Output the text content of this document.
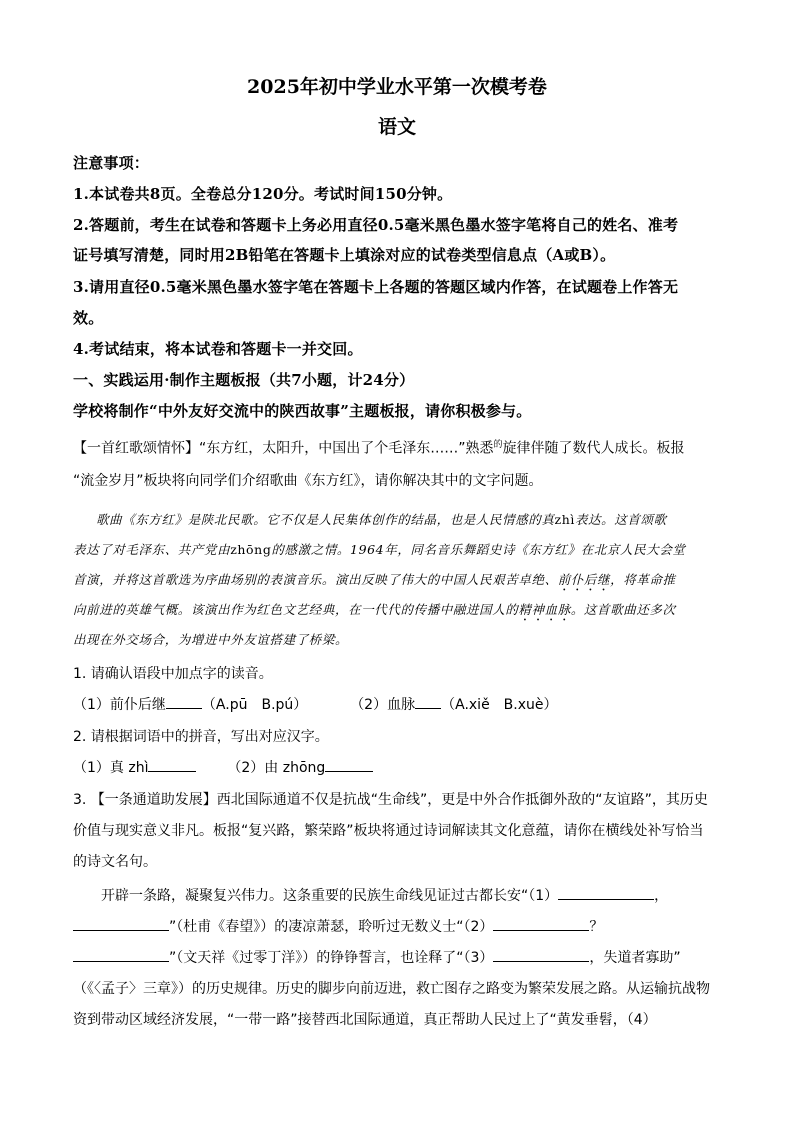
2025年初中学业水平第一次模考卷
语文
注意事项：
1.本试卷共8页。全卷总分120分。考试时间150分钟。
2.答题前，考生在试卷和答题卡上务必用直径0.5毫米黑色墨水签字笔将自己的姓名、准考
证号填写清楚，同时用2B铅笔在答题卡上填涂对应的试卷类型信息点（A或B）。
3.请用直径0.5毫米黑色墨水签字笔在答题卡上各题的答题区域内作答，在试题卷上作答无
效。
4.考试结束，将本试卷和答题卡一并交回。
一、实践运用·制作主题板报（共7小题，计24分）
学校将制作“中外友好交流中的陕西故事”主题板报，请你积极参与。
【一首红歌颂情怀】“东方红，太阳升，中国出了个毛泽东……”熟悉$^的$旋律伴随了数代人成长。板报
“流金岁月”板块将向同学们介绍歌曲《东方红》，请你解决其中的文字问题。
歌曲《东方红》是陕北民歌。它不仅是人民集体创作的结晶，也是人民情感的真zhì表达。这首颂歌
表达了对毛泽东、共产党由zhōng的感激之情。1964年，同名音乐舞蹈史诗《东方红》在北京人民大会堂
首演，并将这首歌选为序曲场别的表演音乐。演出反映了伟大的中国人民艰苦卓绝、前仆后继，将革命推
向前进的英雄气概。该演出作为红色文艺经典，在一代代的传播中融进国人的精神血脉。这首歌曲还多次
出现在外交场合，为增进中外友谊搭建了桥梁。
1. 请确认语段中加点字的读音。
（1）前仆后继	（A.pū　B.pú）	（2）血脉 （A.xiě　B.xuè）
2. 请根据词语中的拼音，写出对应汉字。
（1）真 zhì	（2）由 zhōng
3. 【一条通道助发展】西北国际通道不仅是抗战“生命线”，更是中外合作抵御外敌的“友谊路”，其历史
价值与现实意义非凡。板报“复兴路，繁荣路”板块将通过诗词解读其文化意蕴，请你在横线处补写恰当
的诗文名句。
开辟一条路，凝聚复兴伟力。这条重要的民族生命线见证过古都长安“（1）	，
”（杜甫《春望》）的凄凉萧瑟，聆听过无数义士“（2）	？
”（文天祥《过零丁洋》）的铮铮誓言，也诠释了“（3）	，失道者寡助”
（《〈孟子〉三章》）的历史规律。历史的脚步向前迈进，救亡图存之路变为繁荣发展之路。从运输抗战物
资到带动区域经济发展，“一带一路”接替西北国际通道，真正帮助人民过上了“黄发垂髫，（4）
